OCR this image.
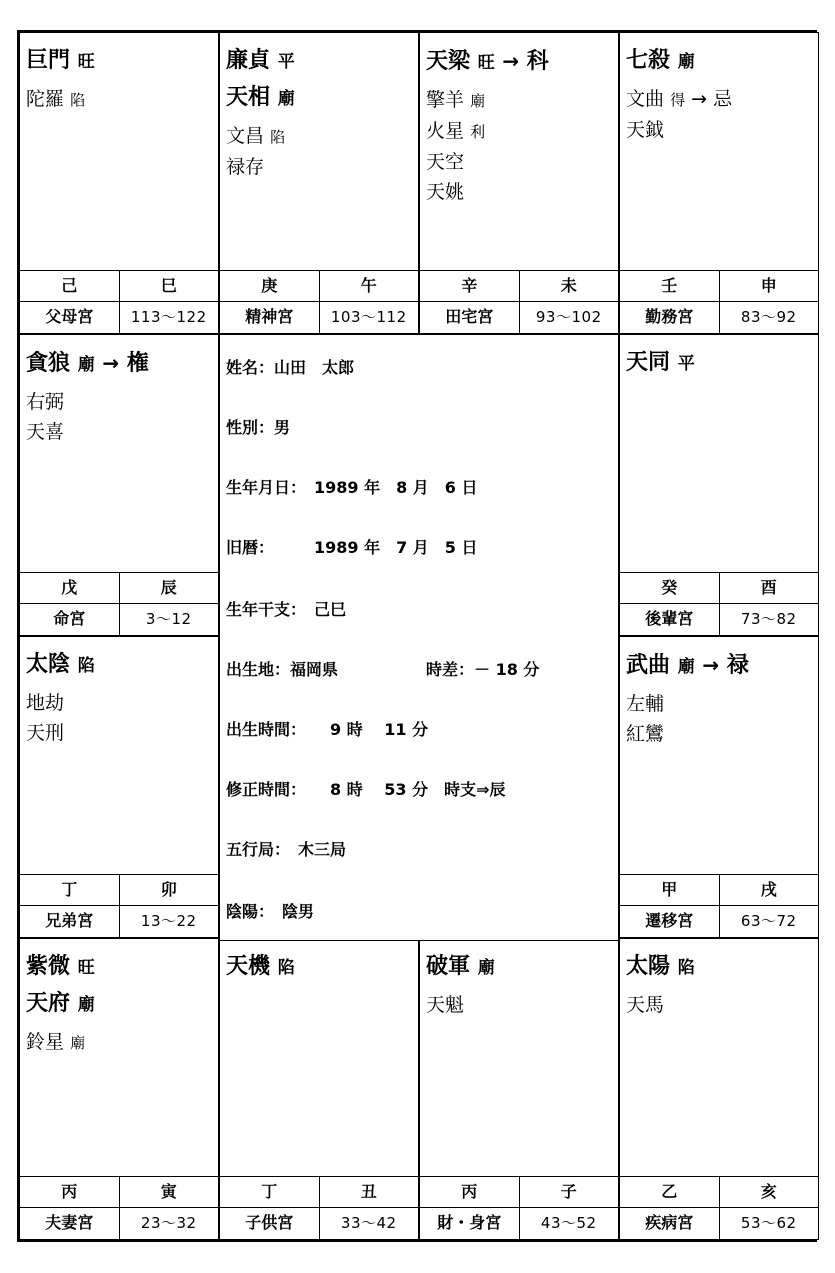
巨門 旺
陀羅 陷
己	巳
父母宮	113～122
廉貞 平
天相 廟
文昌 陷
禄存
庚	午
精神宮	103～112
天梁 旺 → 科
擎羊 廟
火星 利
天空
天姚
辛	未
田宅宮	93～102
七殺 廟
文曲 得 → 忌
天鉞
壬	申
勤務宮	83～92
貪狼 廟 → 権
右弼
天喜
戊	辰
命宮	3～12
天同 平
癸	酉
後輩宮	73～82
太陰 陷
地劫
天刑
丁	卯
兄弟宮	13～22
武曲 廟 → 禄
左輔
紅鸞
甲	戌
遷移宮	63～72
紫微 旺
天府 廟
鈴星 廟
丙	寅
夫妻宮	23～32
天機 陷
丁	丑
子供宮	33～42
破軍 廟
天魁
丙	子
財・身宮	43～52
太陽 陷
天馬
乙	亥
疾病宮	53～62
姓名：山田　太郎
性別：男
生年月日：　1989 年　8 月　6 日
旧暦：　　　1989 年　7 月　5 日
生年干支：　己巳
出生地：福岡県
出生時間：　　9 時　 11 分
修正時間：　　8 時　 53 分　時支⇒辰
五行局：　木三局
陰陽：　陰男
時差：－ 18 分
